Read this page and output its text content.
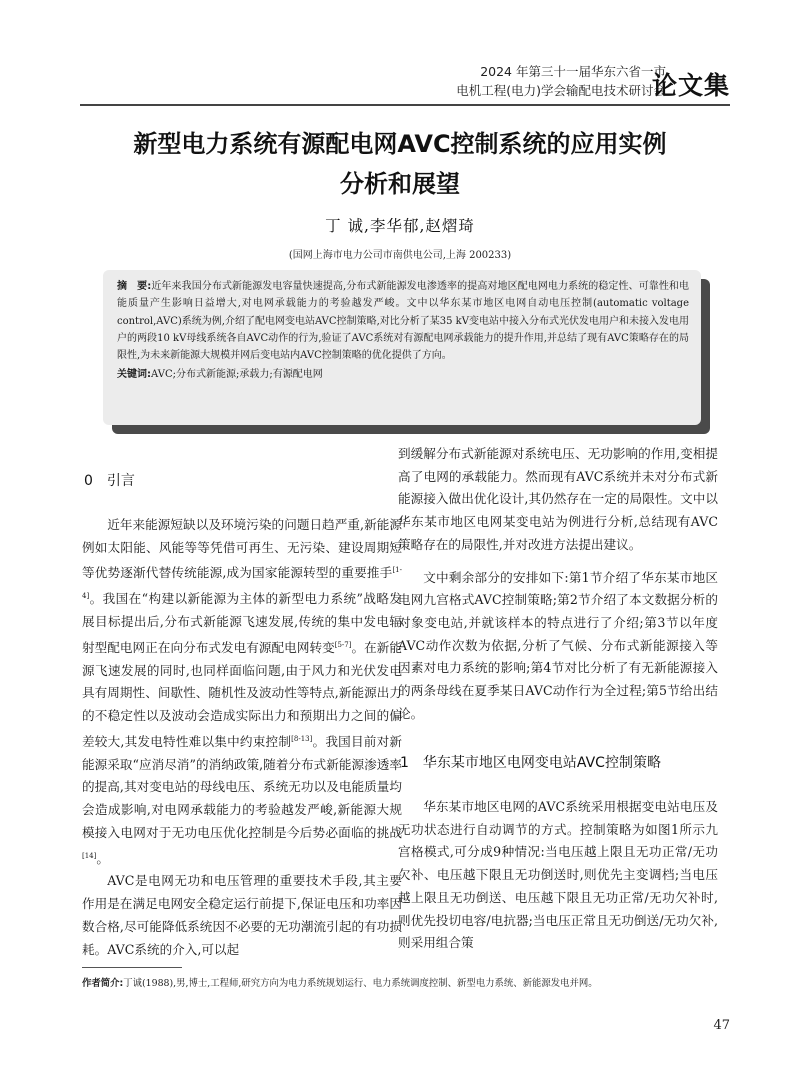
2024 年第三十一届华东六省一市
电机工程(电力)学会输配电技术研讨会
论文集
新型电力系统有源配电网AVC控制系统的应用实例
分析和展望
丁 诚,李华郁,赵熠琦
(国网上海市电力公司市南供电公司,上海 200233)
摘　要:近年来我国分布式新能源发电容量快速提高,分布式新能源发电渗透率的提高对地区配电网电力系统的稳定性、可靠性和电能质量产生影响日益增大,对电网承载能力的考验越发严峻。文中以华东某市地区电网自动电压控制(automatic voltage control,AVC)系统为例,介绍了配电网变电站AVC控制策略,对比分析了某35 kV变电站中接入分布式光伏发电用户和未接入发电用户的两段10 kV母线系统各自AVC动作的行为,验证了AVC系统对有源配电网承载能力的提升作用,并总结了现有AVC策略存在的局限性,为未来新能源大规模并网后变电站内AVC控制策略的优化提供了方向。
关键词:AVC;分布式新能源;承载力;有源配电网
0　引言

近年来能源短缺以及环境污染的问题日趋严重,新能源例如太阳能、风能等等凭借可再生、无污染、建设周期短等优势逐渐代替传统能源,成为国家能源转型的重要推手[1-4]。我国在“构建以新能源为主体的新型电力系统”战略发展目标提出后,分布式新能源飞速发展,传统的集中发电辐射型配电网正在向分布式发电有源配电网转变[5-7]。在新能源飞速发展的同时,也同样面临问题,由于风力和光伏发电具有周期性、间歇性、随机性及波动性等特点,新能源出力的不稳定性以及波动会造成实际出力和预期出力之间的偏差较大,其发电特性难以集中约束控制[8-13]。我国目前对新能源采取“应消尽消”的消纳政策,随着分布式新能源渗透率的提高,其对变电站的母线电压、系统无功以及电能质量均会造成影响,对电网承载能力的考验越发严峻,新能源大规模接入电网对于无功电压优化控制是今后势必面临的挑战[14]。

AVC是电网无功和电压管理的重要技术手段,其主要作用是在满足电网安全稳定运行前提下,保证电压和功率因数合格,尽可能降低系统因不必要的无功潮流引起的有功损耗。AVC系统的介入,可以起

到缓解分布式新能源对系统电压、无功影响的作用,变相提高了电网的承载能力。然而现有AVC系统并未对分布式新能源接入做出优化设计,其仍然存在一定的局限性。文中以华东某市地区电网某变电站为例进行分析,总结现有AVC策略存在的局限性,并对改进方法提出建议。

文中剩余部分的安排如下:第1节介绍了华东某市地区电网九宫格式AVC控制策略;第2节介绍了本文数据分析的对象变电站,并就该样本的特点进行了介绍;第3节以年度AVC动作次数为依据,分析了气候、分布式新能源接入等因素对电力系统的影响;第4节对比分析了有无新能源接入的两条母线在夏季某日AVC动作行为全过程;第5节给出结论。

1　华东某市地区电网变电站AVC控制策略

华东某市地区电网的AVC系统采用根据变电站电压及无功状态进行自动调节的方式。控制策略为如图1所示九宫格模式,可分成9种情况:当电压越上限且无功正常/无功欠补、电压越下限且无功倒送时,则优先主变调档;当电压越上限且无功倒送、电压越下限且无功正常/无功欠补时,则优先投切电容/电抗器;当电压正常且无功倒送/无功欠补,则采用组合策

作者简介:丁诚(1988),男,博士,工程师,研究方向为电力系统规划运行、电力系统调度控制、新型电力系统、新能源发电并网。
47
